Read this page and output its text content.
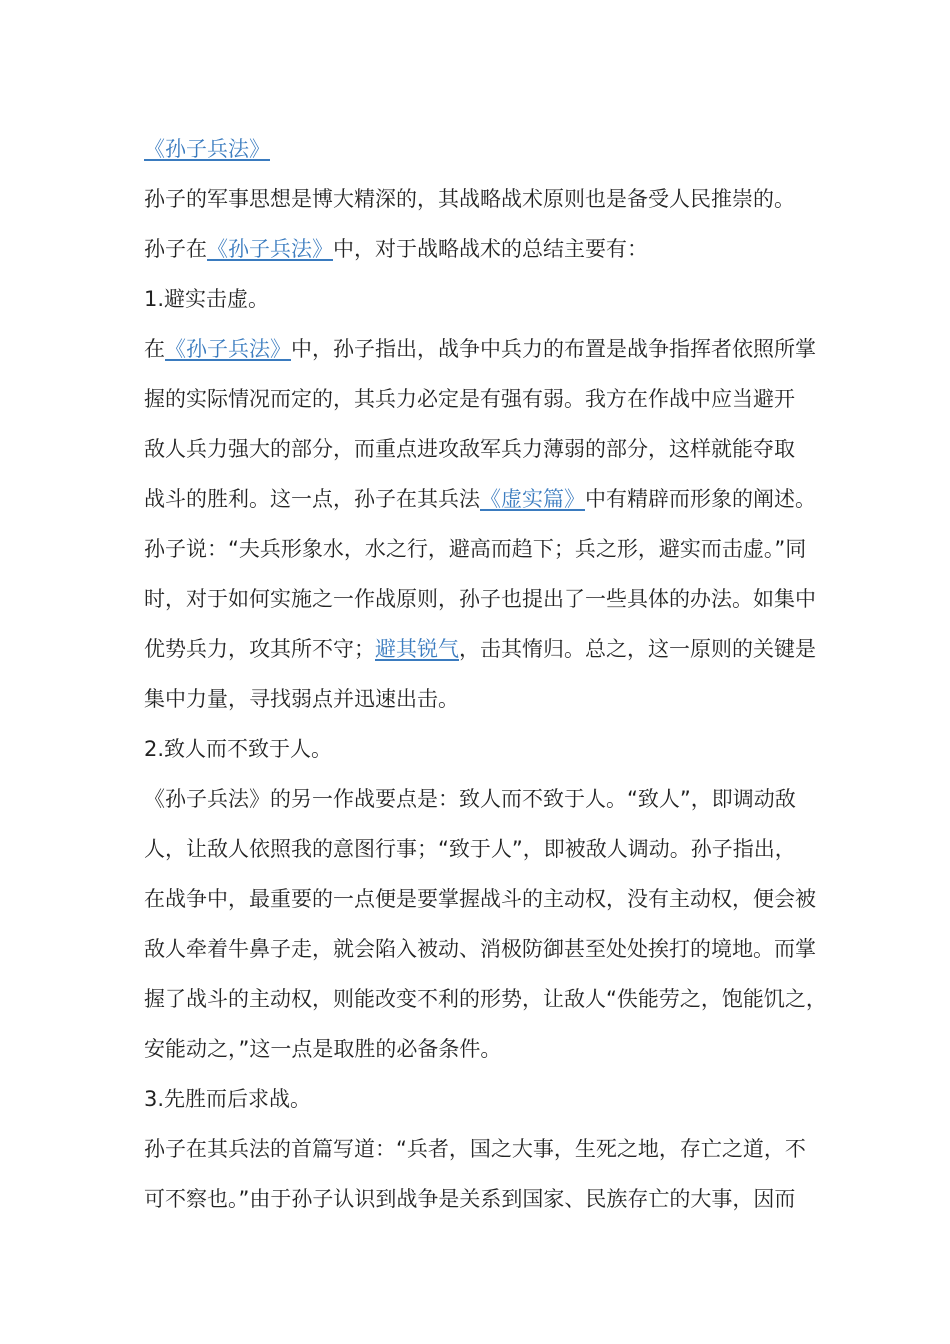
《孙子兵法》
孙子的军事思想是博大精深的，其战略战术原则也是备受人民推崇的。
孙子在《孙子兵法》中，对于战略战术的总结主要有：
1.避实击虚。
在《孙子兵法》中，孙子指出，战争中兵力的布置是战争指挥者依照所掌
握的实际情况而定的，其兵力必定是有强有弱。我方在作战中应当避开
敌人兵力强大的部分，而重点进攻敌军兵力薄弱的部分，这样就能夺取
战斗的胜利。这一点，孙子在其兵法《虚实篇》中有精辟而形象的阐述。
孙子说：“夫兵形象水，水之行，避高而趋下；兵之形，避实而击虚。”同
时，对于如何实施之一作战原则，孙子也提出了一些具体的办法。如集中
优势兵力，攻其所不守；避其锐气，击其惰归。总之，这一原则的关键是
集中力量，寻找弱点并迅速出击。
2.致人而不致于人。
《孙子兵法》的另一作战要点是：致人而不致于人。“致人”，即调动敌
人，让敌人依照我的意图行事；“致于人”，即被敌人调动。孙子指出，
在战争中，最重要的一点便是要掌握战斗的主动权，没有主动权，便会被
敌人牵着牛鼻子走，就会陷入被动、消极防御甚至处处挨打的境地。而掌
握了战斗的主动权，则能改变不利的形势，让敌人“佚能劳之，饱能饥之，
安能动之，”这一点是取胜的必备条件。
3.先胜而后求战。
孙子在其兵法的首篇写道：“兵者，国之大事，生死之地，存亡之道，不
可不察也。”由于孙子认识到战争是关系到国家、民族存亡的大事，因而
